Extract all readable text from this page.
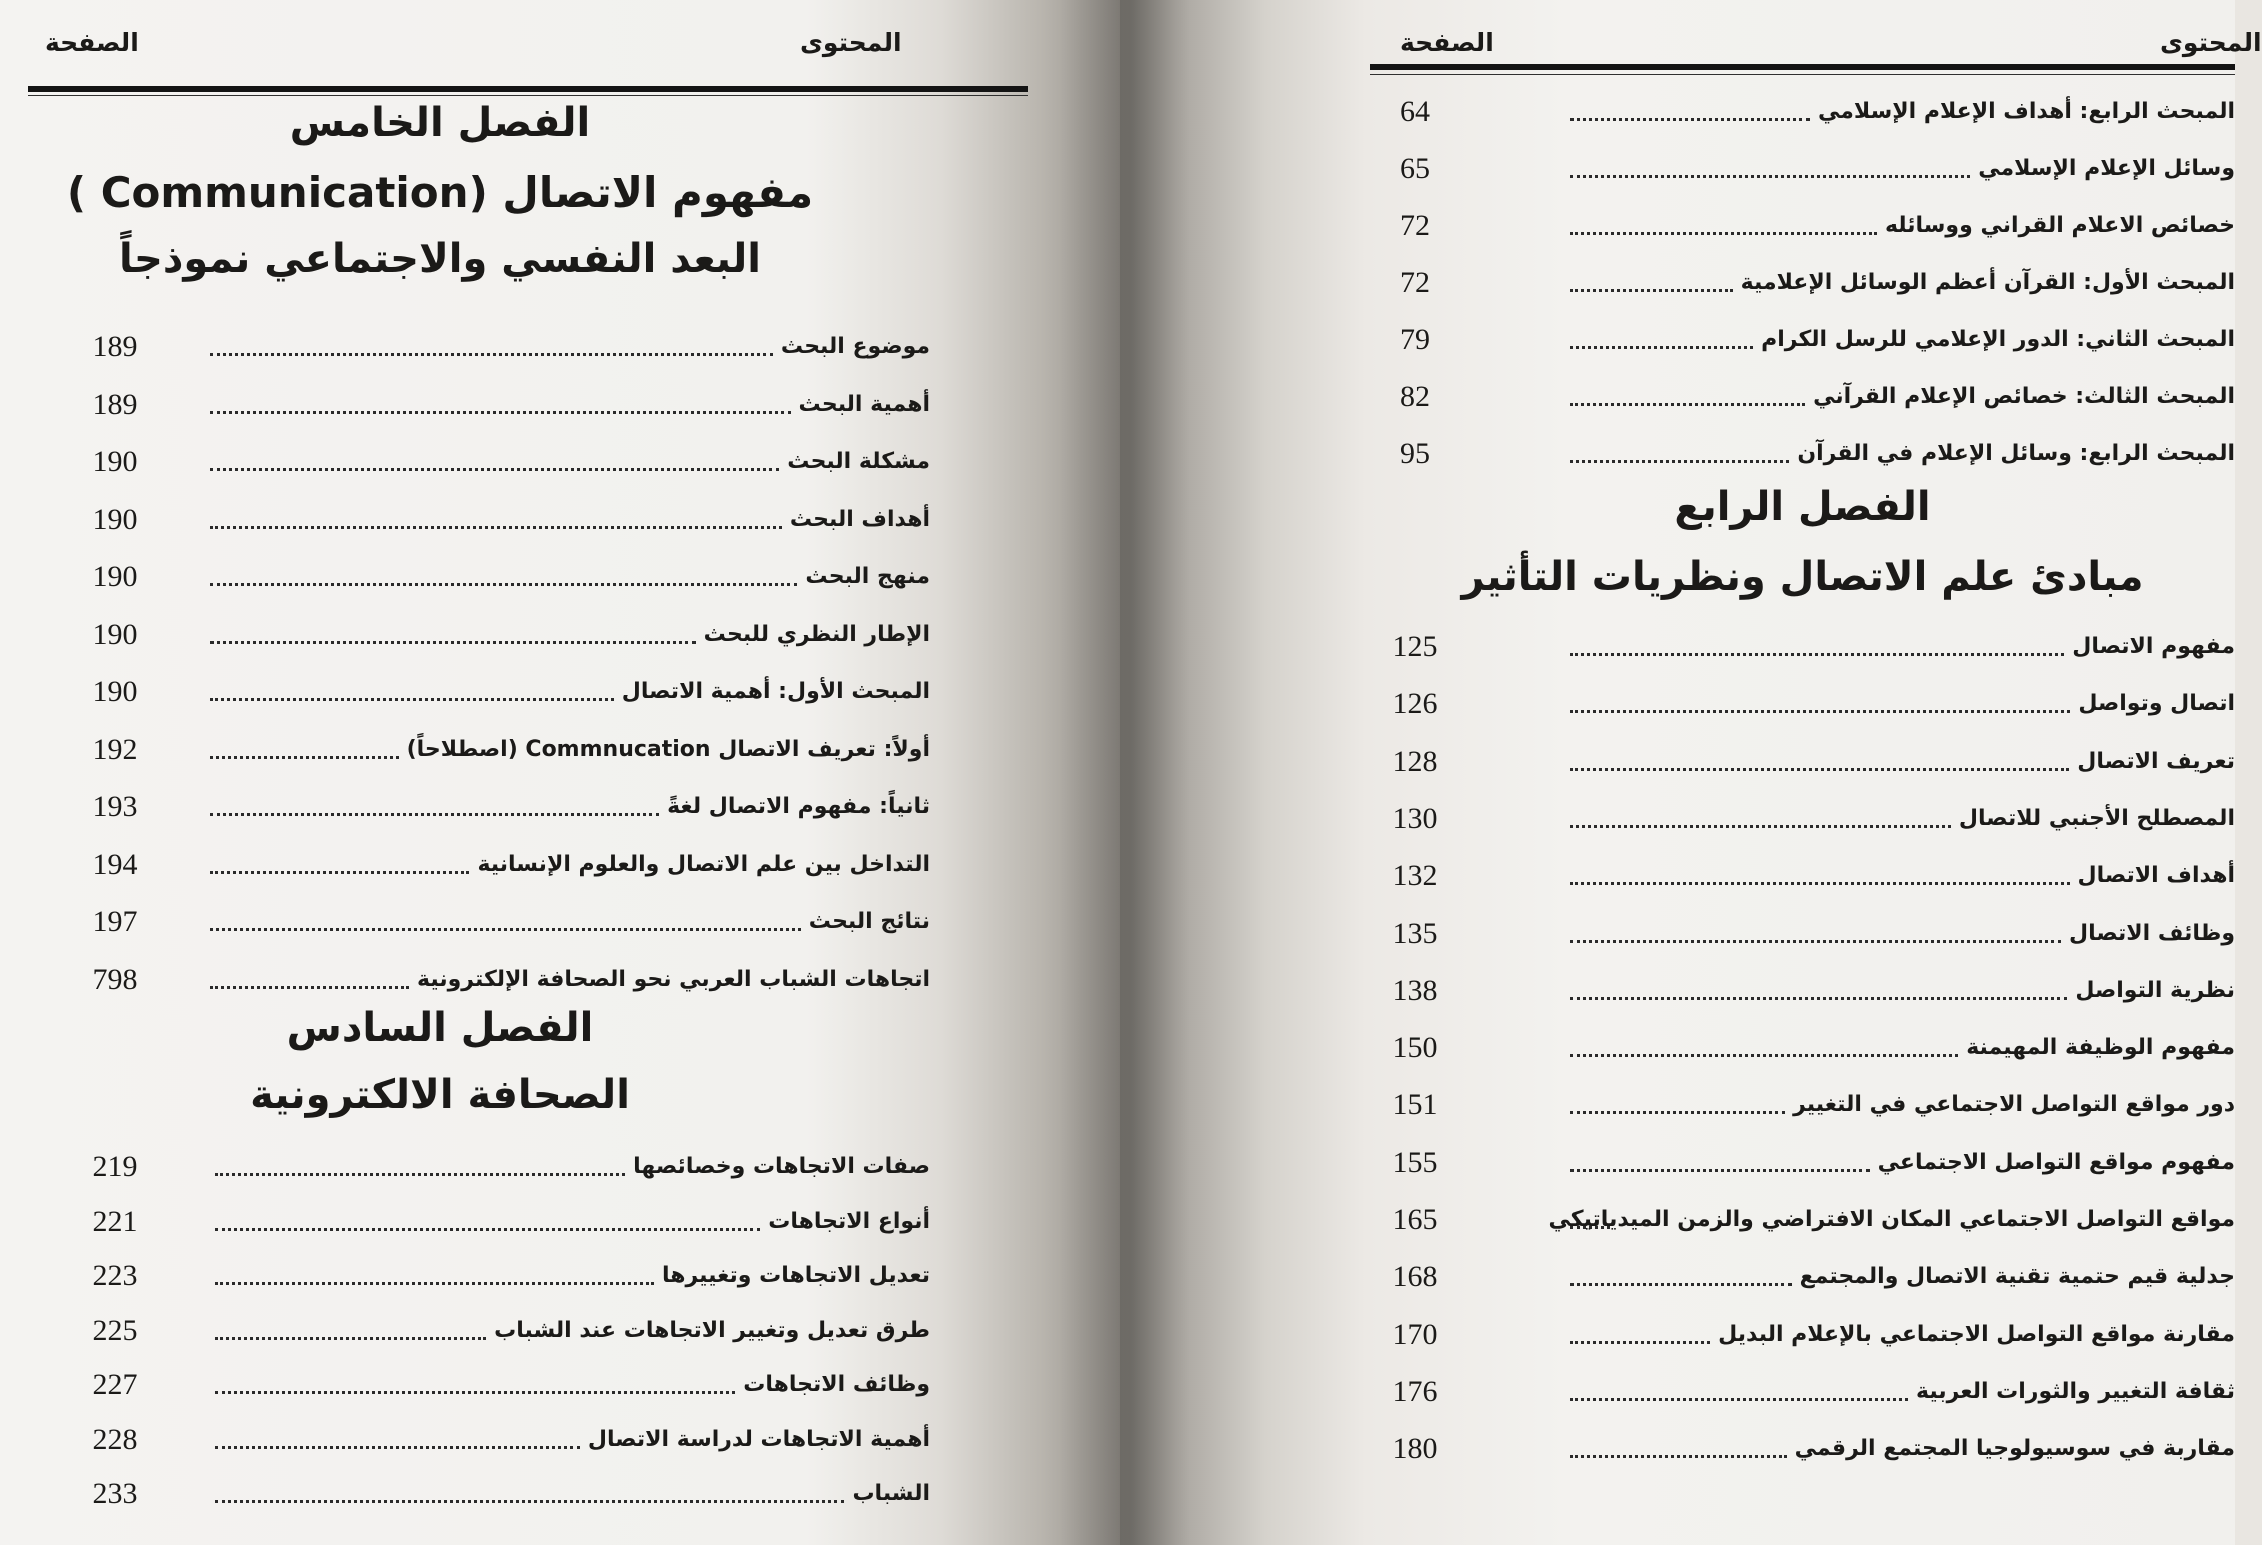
الصفحة	المحتوى
الفصل الخامس
مفهوم الاتصال (Communication )
البعد النفسي والاجتماعي نموذجاً
189	موضوع البحث
189	أهمية البحث
190	مشكلة البحث
190	أهداف البحث
190	منهج البحث
190	الإطار النظري للبحث
190	المبحث الأول: أهمية الاتصال
192	أولاً: تعريف الاتصال Commnucation (اصطلاحاً)
193	ثانياً: مفهوم الاتصال لغةً
194	التداخل بين علم الاتصال والعلوم الإنسانية
197	نتائج البحث
798	اتجاهات الشباب العربي نحو الصحافة الإلكترونية
الفصل السادس
الصحافة الالكترونية
219	صفات الاتجاهات وخصائصها
221	أنواع الاتجاهات
223	تعديل الاتجاهات وتغييرها
225	طرق تعديل وتغيير الاتجاهات عند الشباب
227	وظائف الاتجاهات
228	أهمية الاتجاهات لدراسة الاتصال
233	الشباب
الصفحة	المحتوى
64	المبحث الرابع: أهداف الإعلام الإسلامي
65	وسائل الإعلام الإسلامي
72	خصائص الاعلام القراني ووسائله
72	المبحث الأول: القرآن أعظم الوسائل الإعلامية
79	المبحث الثاني: الدور الإعلامي للرسل الكرام
82	المبحث الثالث: خصائص الإعلام القرآني
95	المبحث الرابع: وسائل الإعلام في القرآن
الفصل الرابع
مبادئ علم الاتصال ونظريات التأثير
125	مفهوم الاتصال
126	اتصال وتواصل
128	تعريف الاتصال
130	المصطلح الأجنبي للاتصال
132	أهداف الاتصال
135	وظائف الاتصال
138	نظرية التواصل
150	مفهوم الوظيفة المهيمنة
151	دور مواقع التواصل الاجتماعي في التغيير
155	مفهوم مواقع التواصل الاجتماعي
165	مواقع التواصل الاجتماعي المكان الافتراضي والزمن الميدياتيكي
168	جدلية قيم حتمية تقنية الاتصال والمجتمع
170	مقارنة مواقع التواصل الاجتماعي بالإعلام البديل
176	ثقافة التغيير والثورات العربية
180	مقاربة في سوسيولوجيا المجتمع الرقمي
